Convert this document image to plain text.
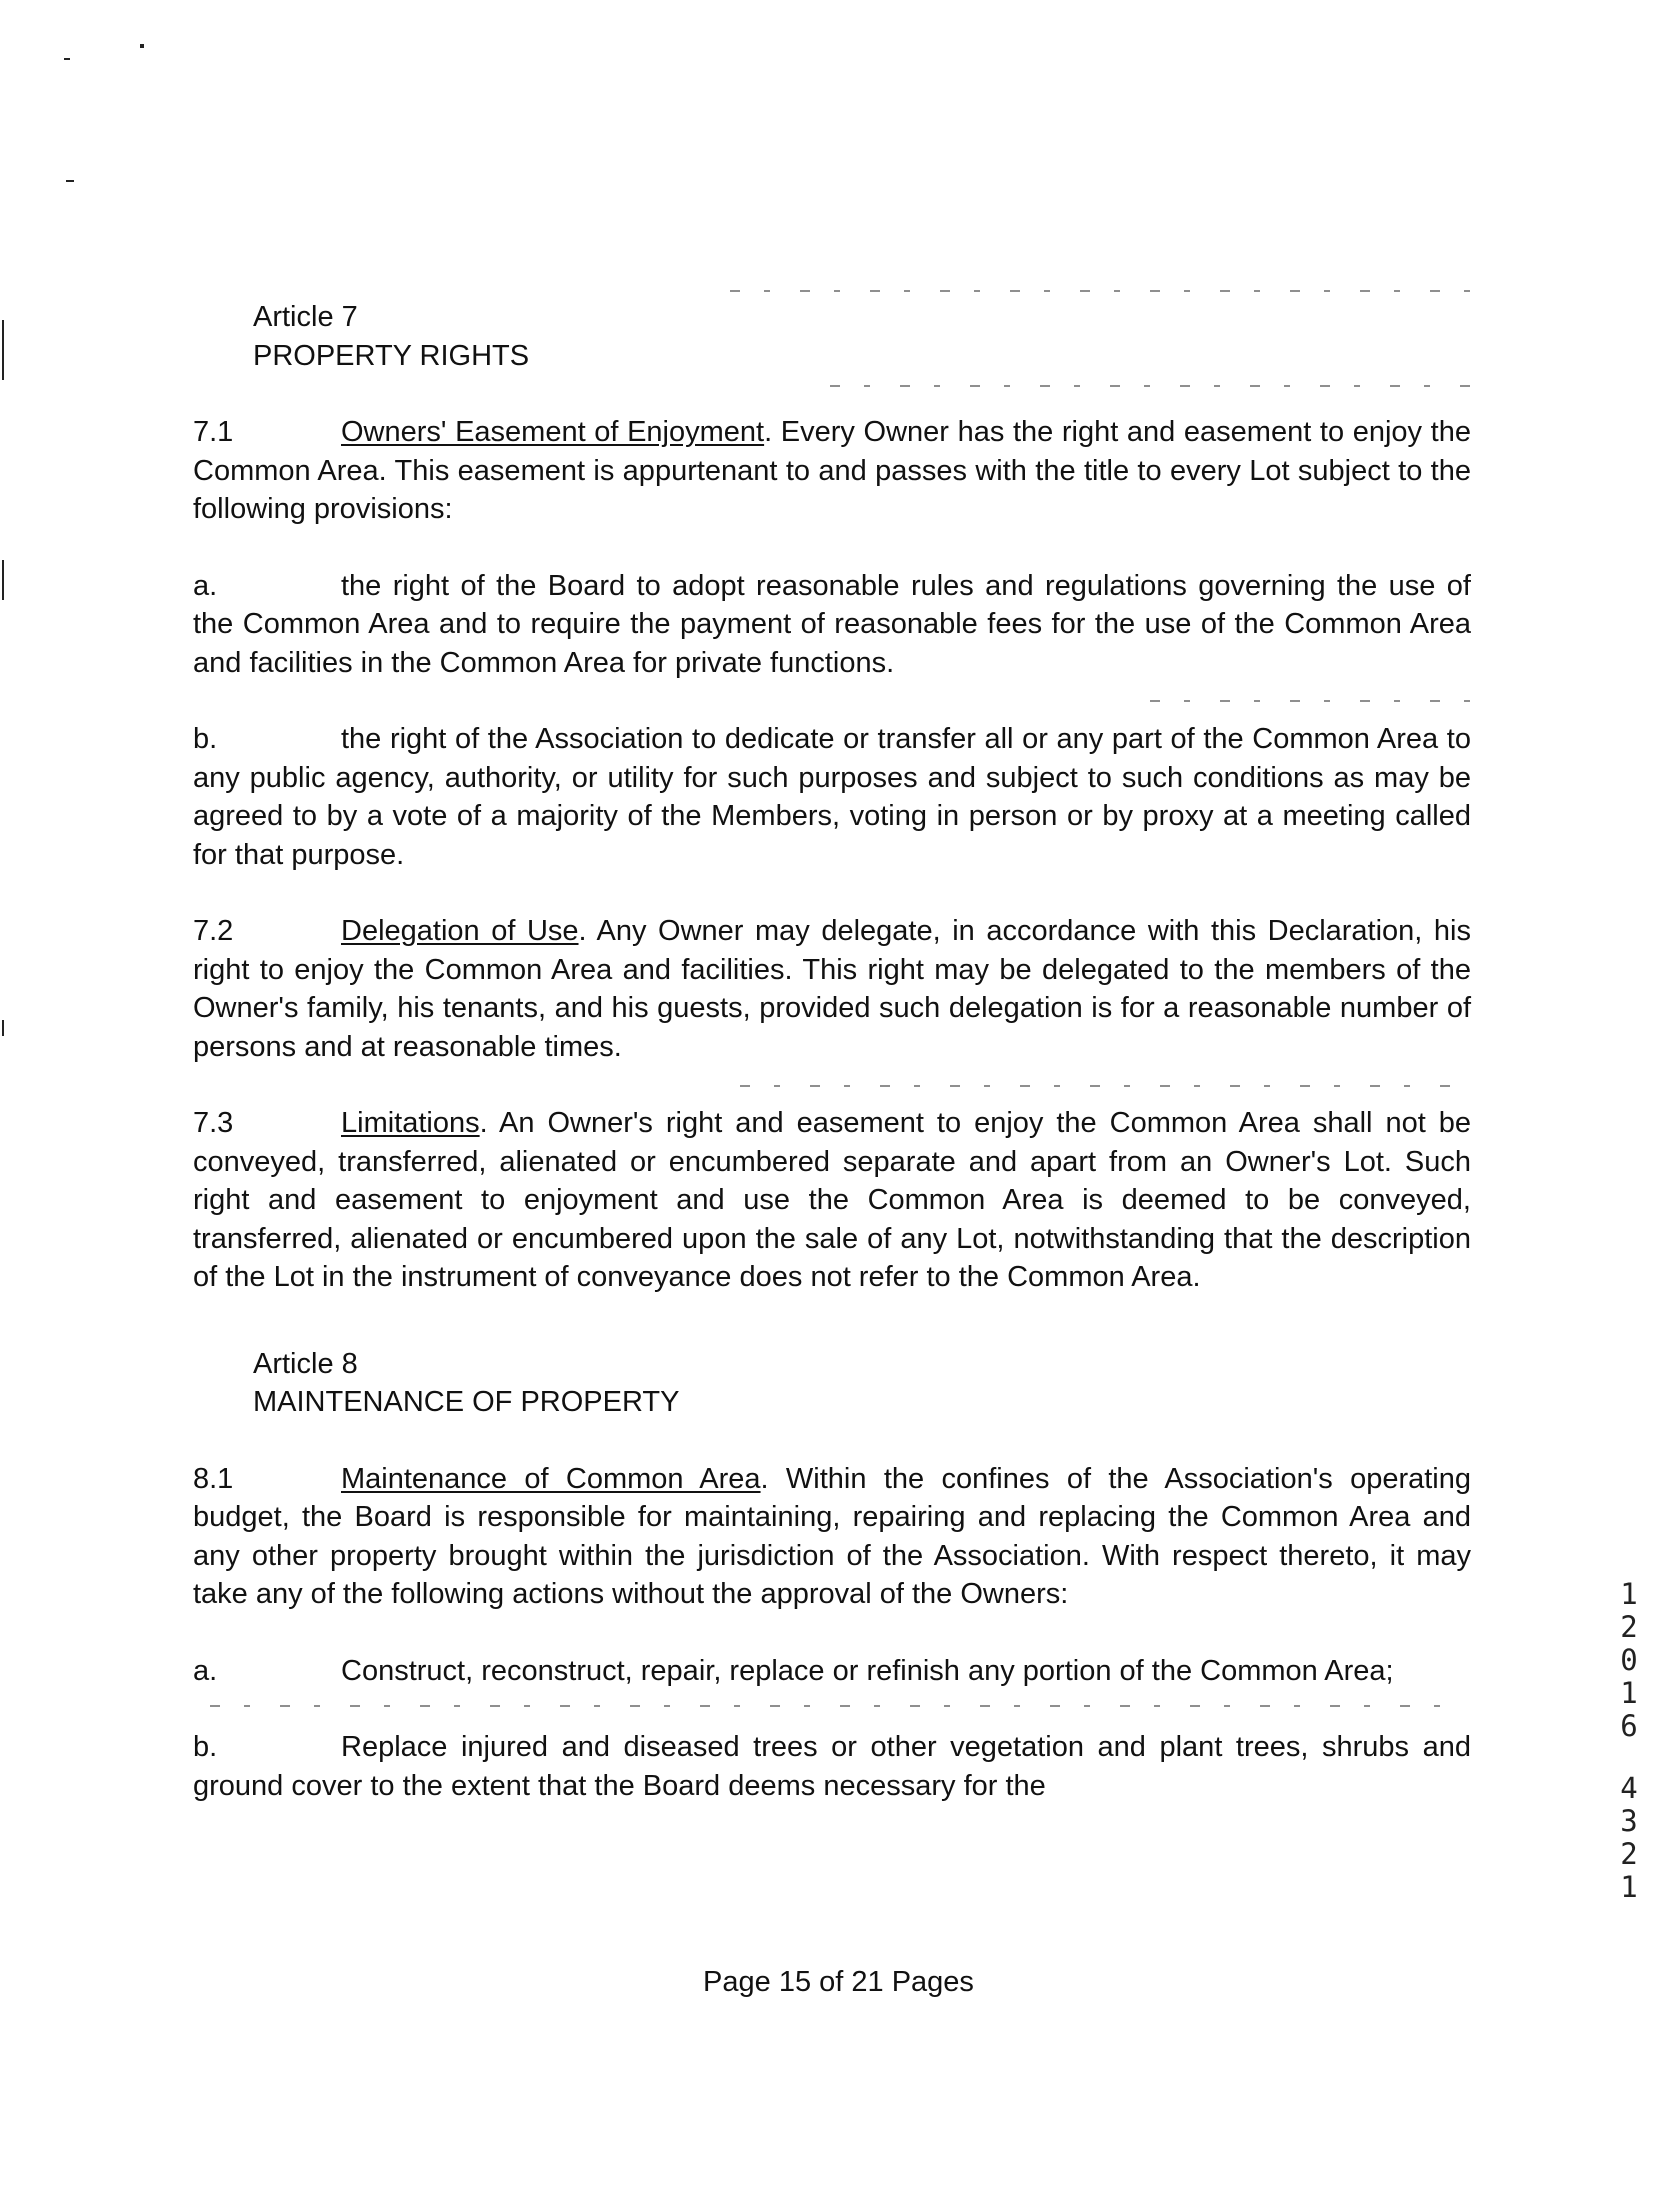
Article 7

PROPERTY RIGHTS

7.1	Owners' Easement of Enjoyment. Every Owner has the right and easement to enjoy the Common Area. This easement is appurtenant to and passes with the title to every Lot subject to the following provisions:

a.	the right of the Board to adopt reasonable rules and regulations governing the use of the Common Area and to require the payment of reasonable fees for the use of the Common Area and facilities in the Common Area for private functions.

b.	the right of the Association to dedicate or transfer all or any part of the Common Area to any public agency, authority, or utility for such purposes and subject to such conditions as may be agreed to by a vote of a majority of the Members, voting in person or by proxy at a meeting called for that purpose.

7.2	Delegation of Use. Any Owner may delegate, in accordance with this Declaration, his right to enjoy the Common Area and facilities. This right may be delegated to the members of the Owner's family, his tenants, and his guests, provided such delegation is for a reasonable number of persons and at reasonable times.

7.3	Limitations. An Owner's right and easement to enjoy the Common Area shall not be conveyed, transferred, alienated or encumbered separate and apart from an Owner's Lot. Such right and easement to enjoyment and use the Common Area is deemed to be conveyed, transferred, alienated or encumbered upon the sale of any Lot, notwithstanding that the description of the Lot in the instrument of conveyance does not refer to the Common Area.

Article 8

MAINTENANCE OF PROPERTY

8.1	Maintenance of Common Area. Within the confines of the Association's operating budget, the Board is responsible for maintaining, repairing and replacing the Common Area and any other property brought within the jurisdiction of the Association. With respect thereto, it may take any of the following actions without the approval of the Owners:

a.	Construct, reconstruct, repair, replace or refinish any portion of the Common Area;

b.	Replace injured and diseased trees or other vegetation and plant trees, shrubs and ground cover to the extent that the Board deems necessary for the

1
2
0
1
6
4
3
2
1
Page 15 of 21 Pages
